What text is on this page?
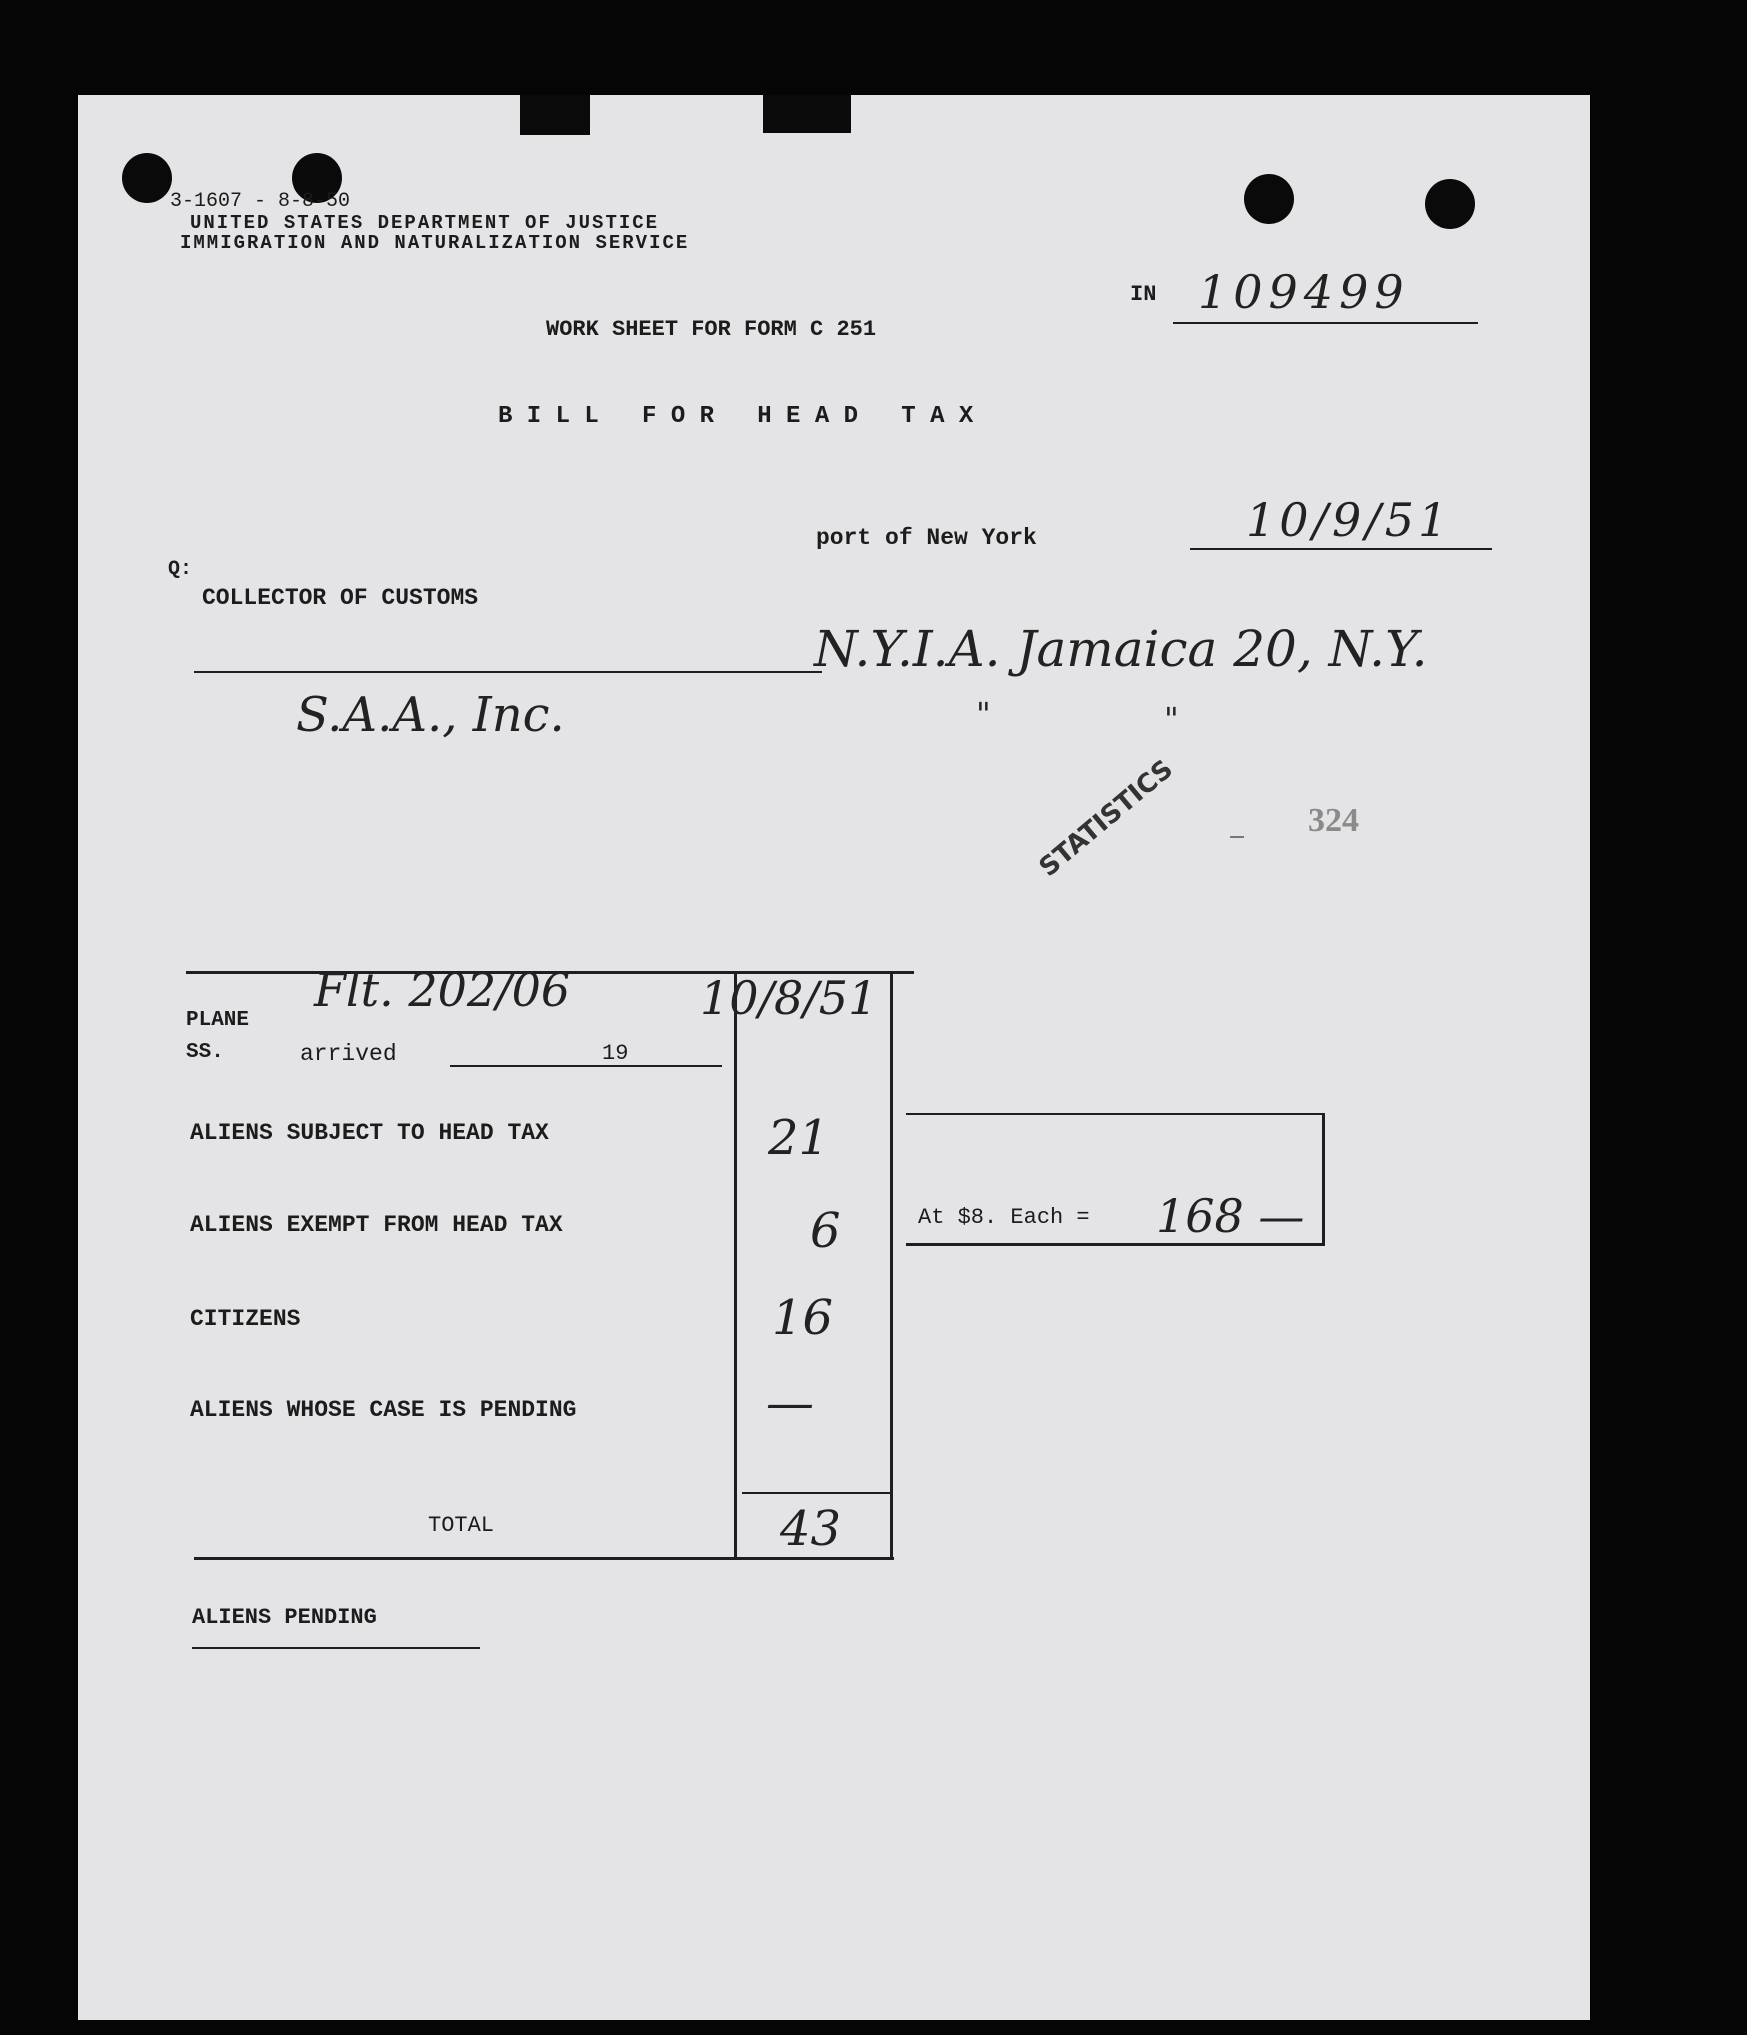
3-1607 - 8-8-50
UNITED STATES DEPARTMENT OF JUSTICE
IMMIGRATION AND NATURALIZATION SERVICE
IN 109499
WORK SHEET FOR FORM C 251
B I L L   F O R   H E A D   T A X
port of New York	10/9/51
Q:
COLLECTOR OF CUSTOMS
N.Y.I.A. Jamaica 20, N.Y.
S.A.A., Inc.	"	"
STATISTICS	324
PLANE
SS.	arrived	19
Flt. 202/06	10/8/51
ALIENS SUBJECT TO HEAD TAX	21
ALIENS EXEMPT FROM HEAD TAX	6
CITIZENS	16
ALIENS WHOSE CASE IS PENDING	—
TOTAL	43
At $8. Each = 168 —
ALIENS PENDING
